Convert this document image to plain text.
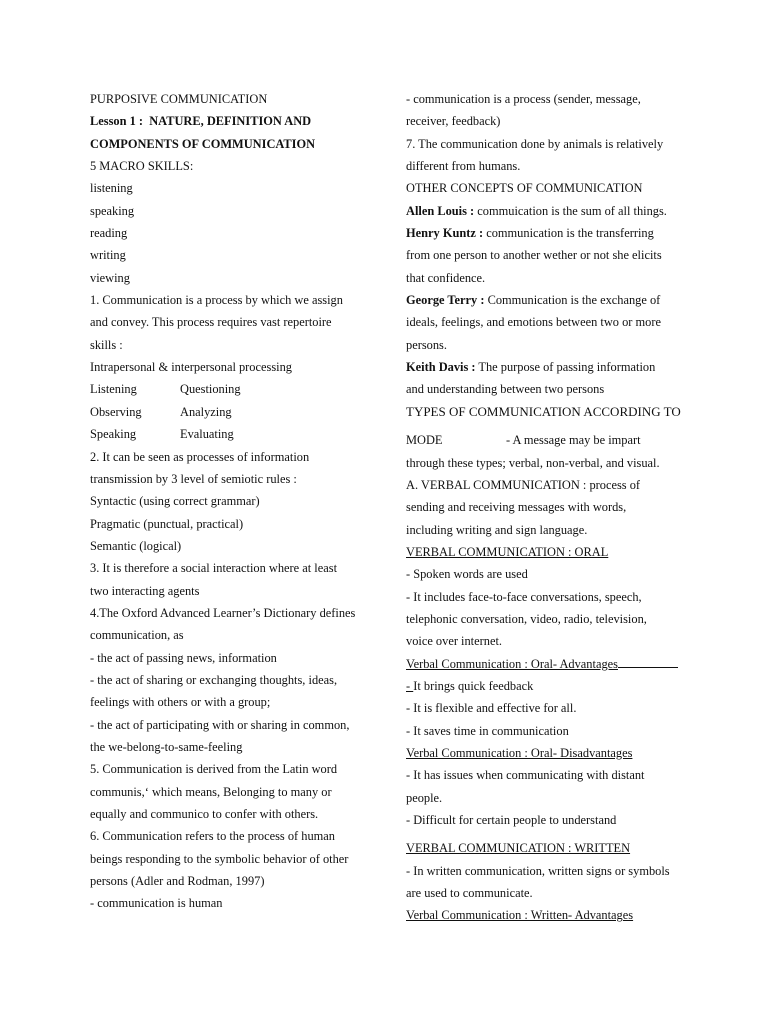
PURPOSIVE COMMUNICATION
Lesson 1 : NATURE, DEFINITION AND
COMPONENTS OF COMMUNICATION
5 MACRO SKILLS:
listening
speaking
reading
writing
viewing
1. Communication is a process by which we assign
and convey. This process requires vast repertoire
skills :
Intrapersonal & interpersonal processing
Listening	Questioning
Observing	Analyzing
Speaking	Evaluating
2. It can be seen as processes of information
transmission by 3 level of semiotic rules :
Syntactic (using correct grammar)
Pragmatic (punctual, practical)
Semantic (logical)
3. It is therefore a social interaction where at least
two interacting agents
4.The Oxford Advanced Learner’s Dictionary defines
communication, as
- the act of passing news, information
- the act of sharing or exchanging thoughts, ideas,
feelings with others or with a group;
- the act of participating with or sharing in common,
the we-belong-to-same-feeling
5. Communication is derived from the Latin word
communis,‘ which means, Belonging to many or
equally and communico to confer with others.
6. Communication refers to the process of human
beings responding to the symbolic behavior of other
persons (Adler and Rodman, 1997)
- communication is human
- communication is a process (sender, message,
receiver, feedback)
7. The communication done by animals is relatively
different from humans.
OTHER CONCEPTS OF COMMUNICATION
Allen Louis : commuication is the sum of all things.
Henry Kuntz : communication is the transferring
from one person to another wether or not she elicits
that confidence.
George Terry : Communication is the exchange of
ideals, feelings, and emotions between two or more
persons.
Keith Davis : The purpose of passing information
and understanding between two persons
TYPES OF COMMUNICATION ACCORDING TO
MODE	- A message may be impart
through these types; verbal, non-verbal, and visual.
A. VERBAL COMMUNICATION : process of
sending and receiving messages with words,
including writing and sign language.
VERBAL COMMUNICATION : ORAL
- Spoken words are used
- It includes face-to-face conversations, speech,
telephonic conversation, video, radio, television,
voice over internet.
Verbal Communication : Oral- Advantages
- It brings quick feedback
- It is flexible and effective for all.
- It saves time in communication
Verbal Communication : Oral- Disadvantages
- It has issues when communicating with distant
people.
- Difficult for certain people to understand
VERBAL COMMUNICATION : WRITTEN
- In written communication, written signs or symbols
are used to communicate.
Verbal Communication : Written- Advantages
